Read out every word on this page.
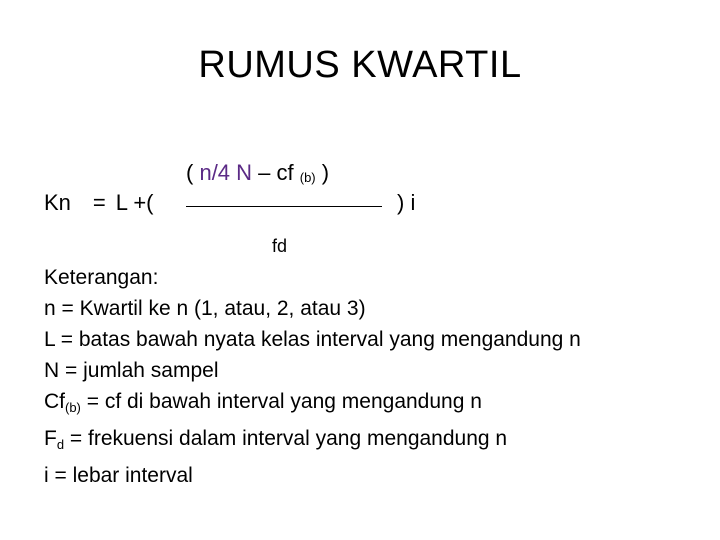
RUMUS KWARTIL
Kn = L +(
( n/4 N – cf (b) )
) i
fd
Keterangan:
n = Kwartil ke n (1, atau, 2, atau 3)
L = batas bawah nyata kelas interval yang mengandung n
N = jumlah sampel
$Cf_{(b)}$ = cf di bawah interval yang mengandung n
$F_d$ = frekuensi dalam interval yang mengandung n
i = lebar interval
